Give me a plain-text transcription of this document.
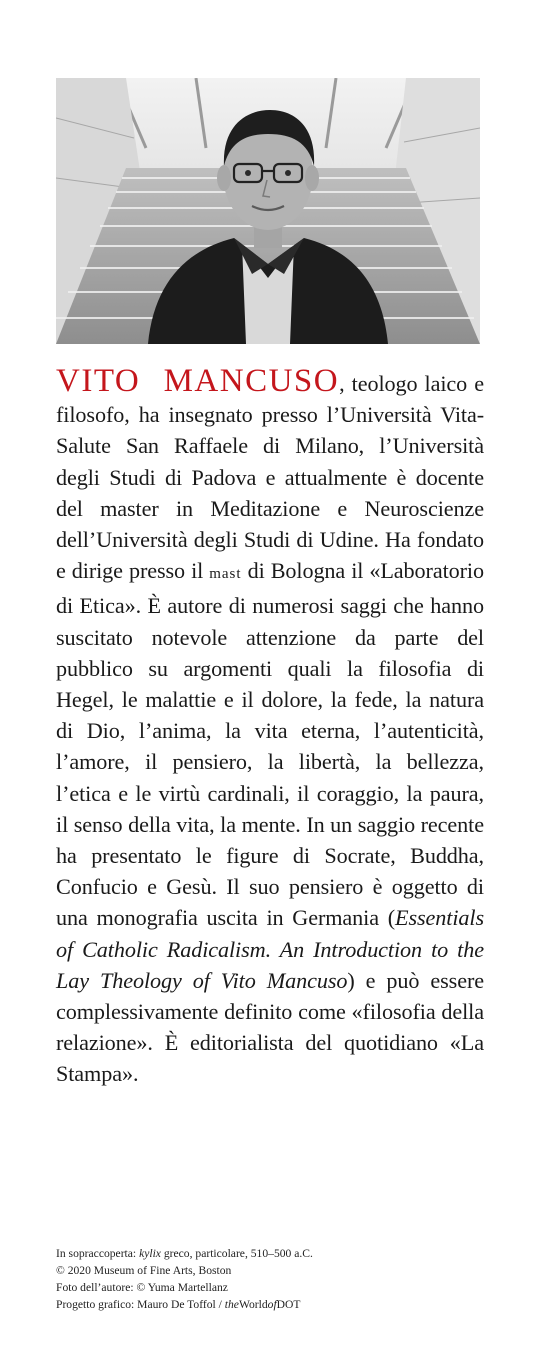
VITO MANCUSO, teologo laico e filosofo, ha insegnato presso l’Università Vita-Salute San Raffaele di Milano, l’Università degli Studi di Padova e attualmente è docente del master in Meditazione e Neuroscienze dell’Università degli Studi di Udine. Ha fondato e dirige presso il mast di Bologna il «Laboratorio di Etica». È autore di numerosi saggi che hanno suscitato notevole attenzione da parte del pubblico su argomenti quali la filosofia di Hegel, le malattie e il dolore, la fede, la natura di Dio, l’anima, la vita eterna, l’autenticità, l’amore, il pensiero, la libertà, la bellezza, l’etica e le virtù cardinali, il coraggio, la paura, il senso della vita, la mente. In un saggio recente ha presentato le figure di Socrate, Buddha, Confucio e Gesù. Il suo pensiero è oggetto di una monografia uscita in Germania (Essentials of Catholic Radicalism. An Introduction to the Lay Theology of Vito Mancuso) e può essere complessivamente definito come «filosofia della relazione». È editorialista del quotidiano «La Stampa».
In sopraccoperta: kylix greco, particolare, 510–500 a.C.
© 2020 Museum of Fine Arts, Boston
Foto dell’autore: © Yuma Martellanz
Progetto grafico: Mauro De Toffol / theWorldofDOT
